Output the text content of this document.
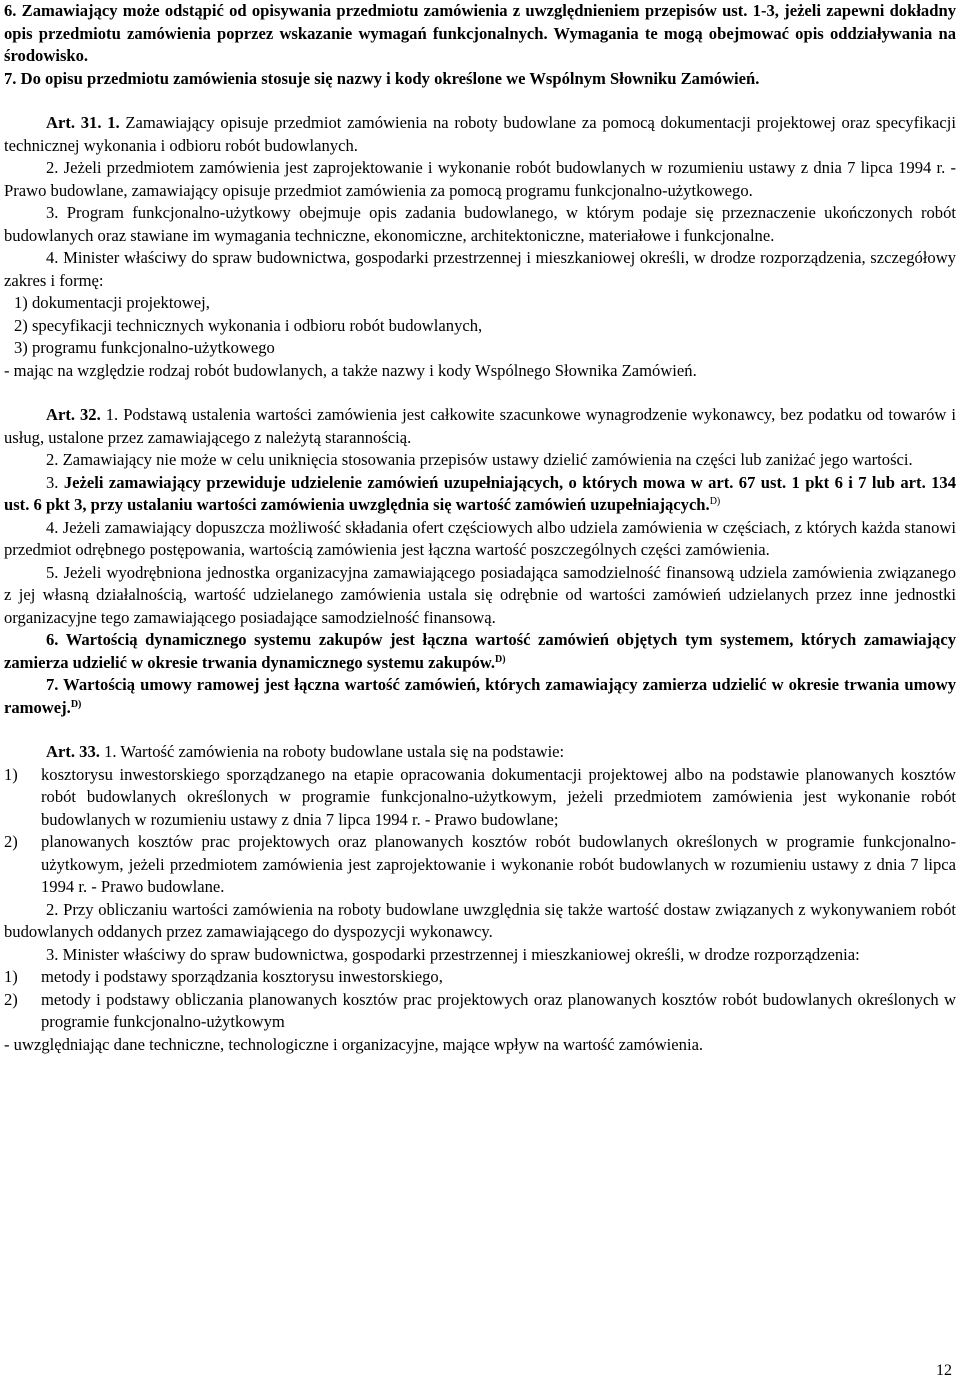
6. Zamawiający może odstąpić od opisywania przedmiotu zamówienia z uwzględnieniem przepisów ust. 1-3, jeżeli zapewni dokładny opis przedmiotu zamówienia poprzez wskazanie wymagań funkcjonalnych. Wymagania te mogą obejmować opis oddziaływania na środowisko.

7. Do opisu przedmiotu zamówienia stosuje się nazwy i kody określone we Wspólnym Słowniku Zamówień.

Art. 31. 1. Zamawiający opisuje przedmiot zamówienia na roboty budowlane za pomocą dokumentacji projektowej oraz specyfikacji technicznej wykonania i odbioru robót budowlanych.

2. Jeżeli przedmiotem zamówienia jest zaprojektowanie i wykonanie robót budowlanych w rozumieniu ustawy z dnia 7 lipca 1994 r. - Prawo budowlane, zamawiający opisuje przedmiot zamówienia za pomocą programu funkcjonalno-użytkowego.

3. Program funkcjonalno-użytkowy obejmuje opis zadania budowlanego, w którym podaje się przeznaczenie ukończonych robót budowlanych oraz stawiane im wymagania techniczne, ekonomiczne, architektoniczne, materiałowe i funkcjonalne.

4. Minister właściwy do spraw budownictwa, gospodarki przestrzennej i mieszkaniowej określi, w drodze rozporządzenia, szczegółowy zakres i formę:

1) dokumentacji projektowej,

2) specyfikacji technicznych wykonania i odbioru robót budowlanych,

3) programu funkcjonalno-użytkowego

- mając na względzie rodzaj robót budowlanych, a także nazwy i kody Wspólnego Słownika Zamówień.

Art. 32. 1. Podstawą ustalenia wartości zamówienia jest całkowite szacunkowe wynagrodzenie wykonawcy, bez podatku od towarów i usług, ustalone przez zamawiającego z należytą starannością.

2. Zamawiający nie może w celu uniknięcia stosowania przepisów ustawy dzielić zamówienia na części lub zaniżać jego wartości.

3. Jeżeli zamawiający przewiduje udzielenie zamówień uzupełniających, o których mowa w art. 67 ust. 1 pkt 6 i 7 lub art. 134 ust. 6 pkt 3, przy ustalaniu wartości zamówienia uwzględnia się wartość zamówień uzupełniających.$^{D)}$

4. Jeżeli zamawiający dopuszcza możliwość składania ofert częściowych albo udziela zamówienia w częściach, z których każda stanowi przedmiot odrębnego postępowania, wartością zamówienia jest łączna wartość poszczególnych części zamówienia.

5. Jeżeli wyodrębniona jednostka organizacyjna zamawiającego posiadająca samodzielność finansową udziela zamówienia związanego z jej własną działalnością, wartość udzielanego zamówienia ustala się odrębnie od wartości zamówień udzielanych przez inne jednostki organizacyjne tego zamawiającego posiadające samodzielność finansową.

6. Wartością dynamicznego systemu zakupów jest łączna wartość zamówień objętych tym systemem, których zamawiający zamierza udzielić w okresie trwania dynamicznego systemu zakupów.$^{D)}$

7. Wartością umowy ramowej jest łączna wartość zamówień, których zamawiający zamierza udzielić w okresie trwania umowy ramowej.$^{D)}$

Art. 33. 1. Wartość zamówienia na roboty budowlane ustala się na podstawie:

1)	kosztorysu inwestorskiego sporządzanego na etapie opracowania dokumentacji projektowej albo na podstawie planowanych kosztów robót budowlanych określonych w programie funkcjonalno-użytkowym, jeżeli przedmiotem zamówienia jest wykonanie robót budowlanych w rozumieniu ustawy z dnia 7 lipca 1994 r. - Prawo budowlane;
2)	planowanych kosztów prac projektowych oraz planowanych kosztów robót budowlanych określonych w programie funkcjonalno-użytkowym, jeżeli przedmiotem zamówienia jest zaprojektowanie i wykonanie robót budowlanych w rozumieniu ustawy z dnia 7 lipca 1994 r. - Prawo budowlane.

2. Przy obliczaniu wartości zamówienia na roboty budowlane uwzględnia się także wartość dostaw związanych z wykonywaniem robót budowlanych oddanych przez zamawiającego do dyspozycji wykonawcy.

3. Minister właściwy do spraw budownictwa, gospodarki przestrzennej i mieszkaniowej określi, w drodze rozporządzenia:

1)	metody i podstawy sporządzania kosztorysu inwestorskiego,
2)	metody i podstawy obliczania planowanych kosztów prac projektowych oraz planowanych kosztów robót budowlanych określonych w programie funkcjonalno-użytkowym

- uwzględniając dane techniczne, technologiczne i organizacyjne, mające wpływ na wartość zamówienia.

12
